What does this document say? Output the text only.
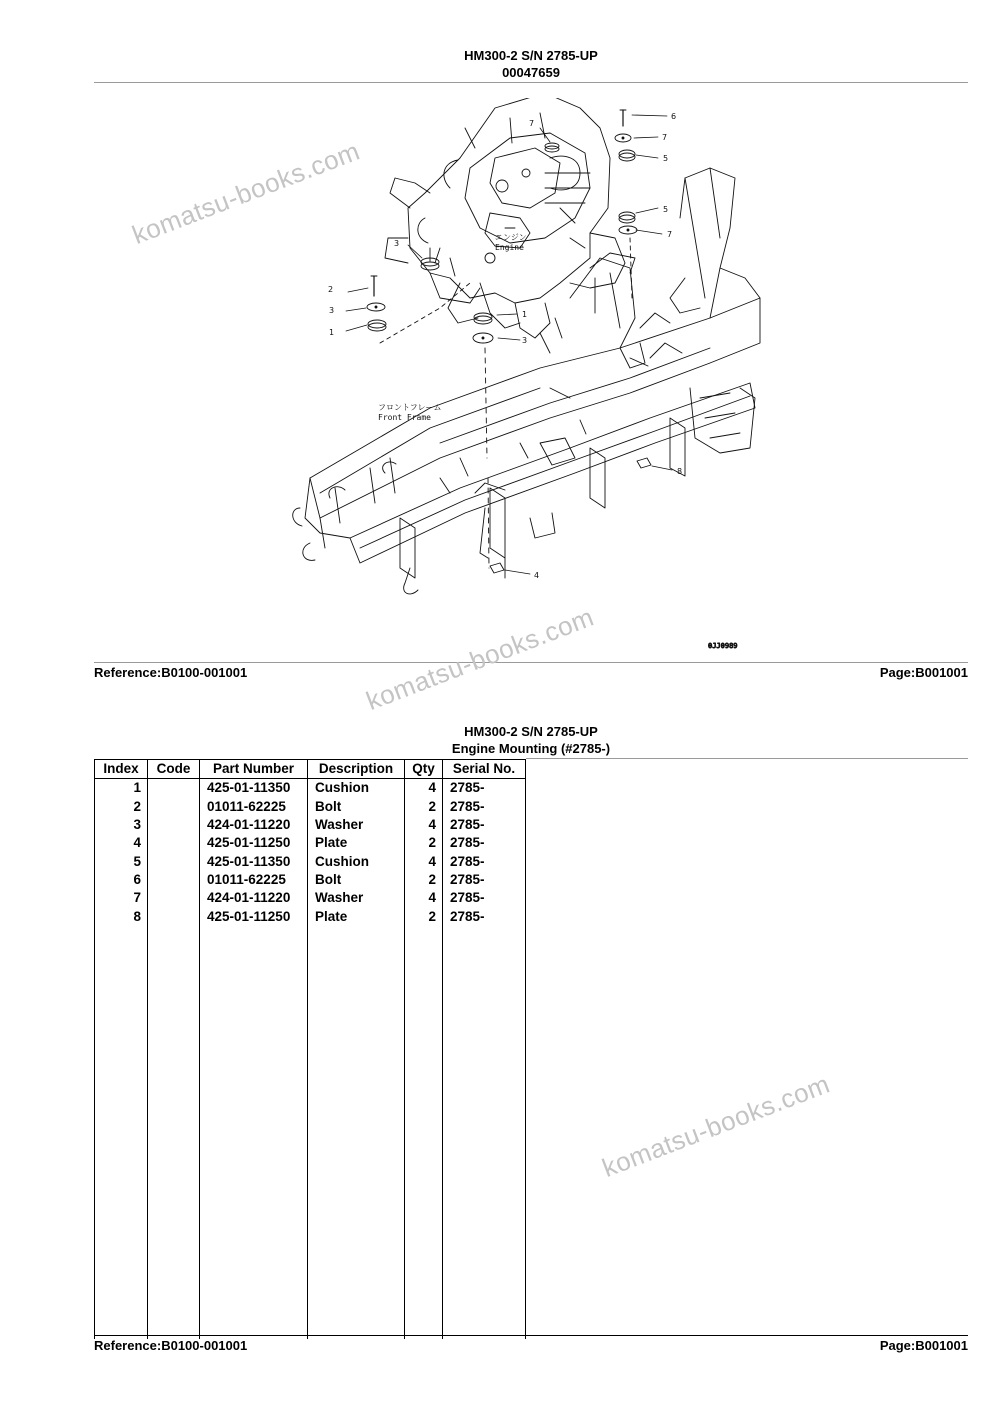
HM300-2 S/N 2785-UP
00047659
エンジン
Engine
フロントフレーム
Front Frame
2
3
1
1
3
4
5
5
6
7
7
7
8
3
0JJ0989
Reference:B0100-001001	Page:B001001
HM300-2 S/N 2785-UP
Engine Mounting (#2785-)
Index	Code	Part Number	Description	Qty	Serial No.
1		425-01-11350	Cushion	4	2785-
2		01011-62225	Bolt	2	2785-
3		424-01-11220	Washer	4	2785-
4		425-01-11250	Plate	2	2785-
5		425-01-11350	Cushion	4	2785-
6		01011-62225	Bolt	2	2785-
7		424-01-11220	Washer	4	2785-
8		425-01-11250	Plate	2	2785-

Reference:B0100-001001	Page:B001001
komatsu-books.com
komatsu-books.com
komatsu-books.com
